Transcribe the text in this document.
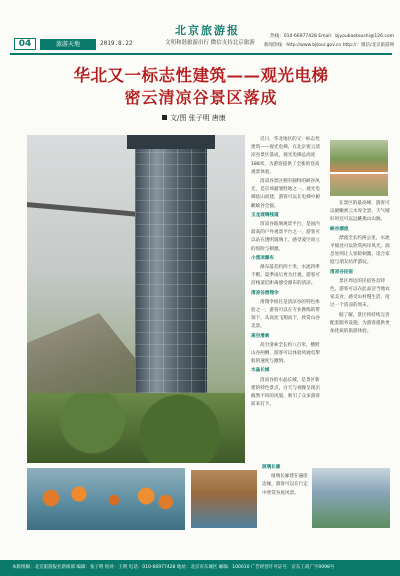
04	旅游天地	2019.8.22
北京旅游报
文明和谐旅游出行 微信支持北京旅游
热线：010-66977428 Email：bjyoubaotoushi@126.com
新闻热线：http://www.bjtour.gov.cn http://：微信/北京旅游网
华北又一标志性建筑——观光电梯
密云清凉谷景区落成
文/图 张子明 唐康

近日，华北地区的又一标志性建筑——观光电梯，在北京密云清凉谷景区落成，观光电梯总高度188米，为游客提供了全新的登高观景体验。

清凉谷景区拥有独特的峡谷风光，是京郊避暑胜地之一。观光电梯依山而建，游客可以在电梯中俯瞰峡谷全貌。

玉龙玻璃栈道

清凉谷玻璃观景平台，是国内最高的户外观景平台之一，游客可以站在透明玻璃上，感受凌空而立的惊险与刺激。

小清凉瀑布

瀑布落差约四十米，水流四季不断，夏季雨后更为壮观，游客可沿栈道近距离感受瀑布的清凉。

清凉谷滑翔伞

滑翔伞项目是清凉谷的特色体验之一，游客可以在专业教练的带领下，从高处飞翔而下，欣赏山谷美景。

高空滑索

高空滑索全长约八百米，横跨山谷两侧，游客可以体验风驰电掣般的速度与激情。

水晶长城

清凉谷的水晶长城，是景区新建的特色景点，白天与夜晚呈现出截然不同的风貌，吸引了众多游客前来打卡。

在景区的最高峰，游客可以俯瞰密云水库全景，天气晴好时还可以远眺燕山山脉。

峡谷漂流

漂流全长约两公里，水流平缓处可以欣赏两岸风光，湍急处则让人惊险刺激，适合家庭与朋友结伴游玩。

清凉谷民宿

景区周边的民宿各具特色，游客可以在此品尝当地农家美食，感受山村慢生活，度过一个清凉的周末。

据了解，景区将持续完善配套服务设施，为游客提供更加优质的旅游体验。

玻璃长廊

玻璃长廊建在悬崖边缘，游客可以在行走中欣赏谷底风景。

本版组稿：北京旅游报社新闻部 编辑：张子明 校对：王明 电话：010-66977428 地址：北京市东城区 邮编：100010 广告经营许可证号：京东工商广字0098号
